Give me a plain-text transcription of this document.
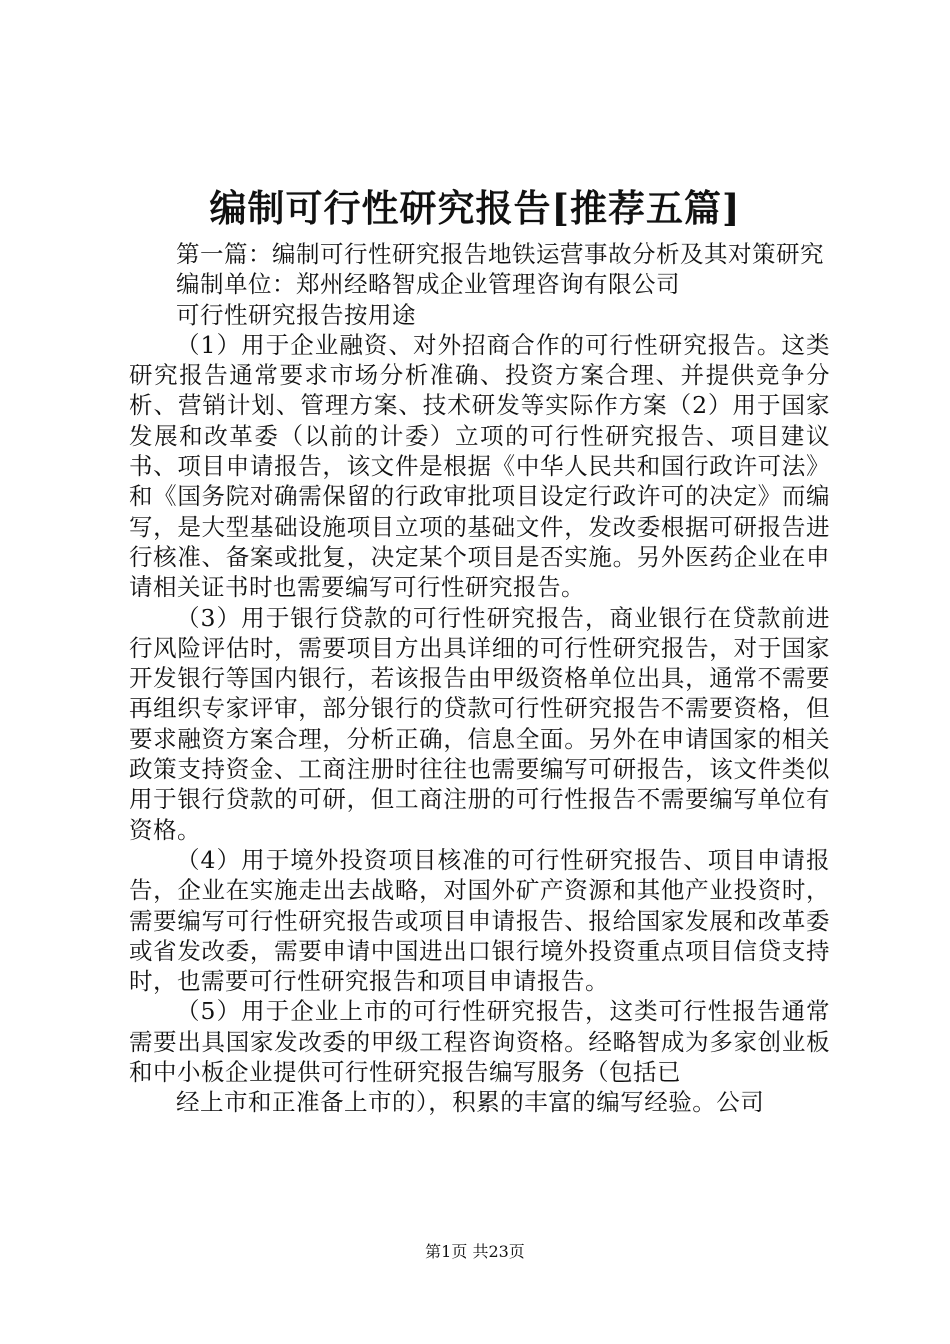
编制可行性研究报告[推荐五篇]

第一篇：编制可行性研究报告地铁运营事故分析及其对策研究

编制单位：郑州经略智成企业管理咨询有限公司

可行性研究报告按用途

（1）用于企业融资、对外招商合作的可行性研究报告。这类研究报告通常要求市场分析准确、投资方案合理、并提供竞争分析、营销计划、管理方案、技术研发等实际作方案（2）用于国家发展和改革委（以前的计委）立项的可行性研究报告、项目建议书、项目申请报告，该文件是根据《中华人民共和国行政许可法》和《国务院对确需保留的行政审批项目设定行政许可的决定》而编写，是大型基础设施项目立项的基础文件，发改委根据可研报告进行核准、备案或批复，决定某个项目是否实施。另外医药企业在申请相关证书时也需要编写可行性研究报告。

（3）用于银行贷款的可行性研究报告，商业银行在贷款前进行风险评估时，需要项目方出具详细的可行性研究报告，对于国家开发银行等国内银行，若该报告由甲级资格单位出具，通常不需要再组织专家评审，部分银行的贷款可行性研究报告不需要资格，但要求融资方案合理，分析正确，信息全面。另外在申请国家的相关政策支持资金、工商注册时往往也需要编写可研报告，该文件类似用于银行贷款的可研，但工商注册的可行性报告不需要编写单位有资格。

（4）用于境外投资项目核准的可行性研究报告、项目申请报告，企业在实施走出去战略，对国外矿产资源和其他产业投资时，需要编写可行性研究报告或项目申请报告、报给国家发展和改革委或省发改委，需要申请中国进出口银行境外投资重点项目信贷支持时，也需要可行性研究报告和项目申请报告。

（5）用于企业上市的可行性研究报告，这类可行性报告通常需要出具国家发改委的甲级工程咨询资格。经略智成为多家创业板和中小板企业提供可行性研究报告编写服务（包括已

经上市和正准备上市的），积累的丰富的编写经验。公司

第1页 共23页
